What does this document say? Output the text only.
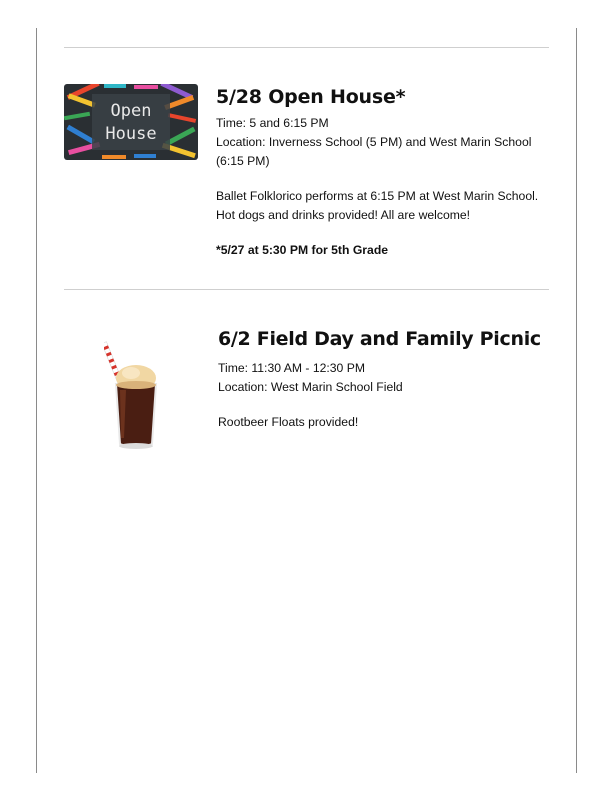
Open
House
5/28 Open House*

Time: 5 and 6:15 PM

Location: Inverness School (5 PM) and West Marin School (6:15 PM)

Ballet Folklorico performs at 6:15 PM at West Marin School. Hot dogs and drinks provided! All are welcome!

*5/27 at 5:30 PM for 5th Grade

6/2 Field Day and Family Picnic

Time: 11:30 AM - 12:30 PM

Location: West Marin School Field

Rootbeer Floats provided!
